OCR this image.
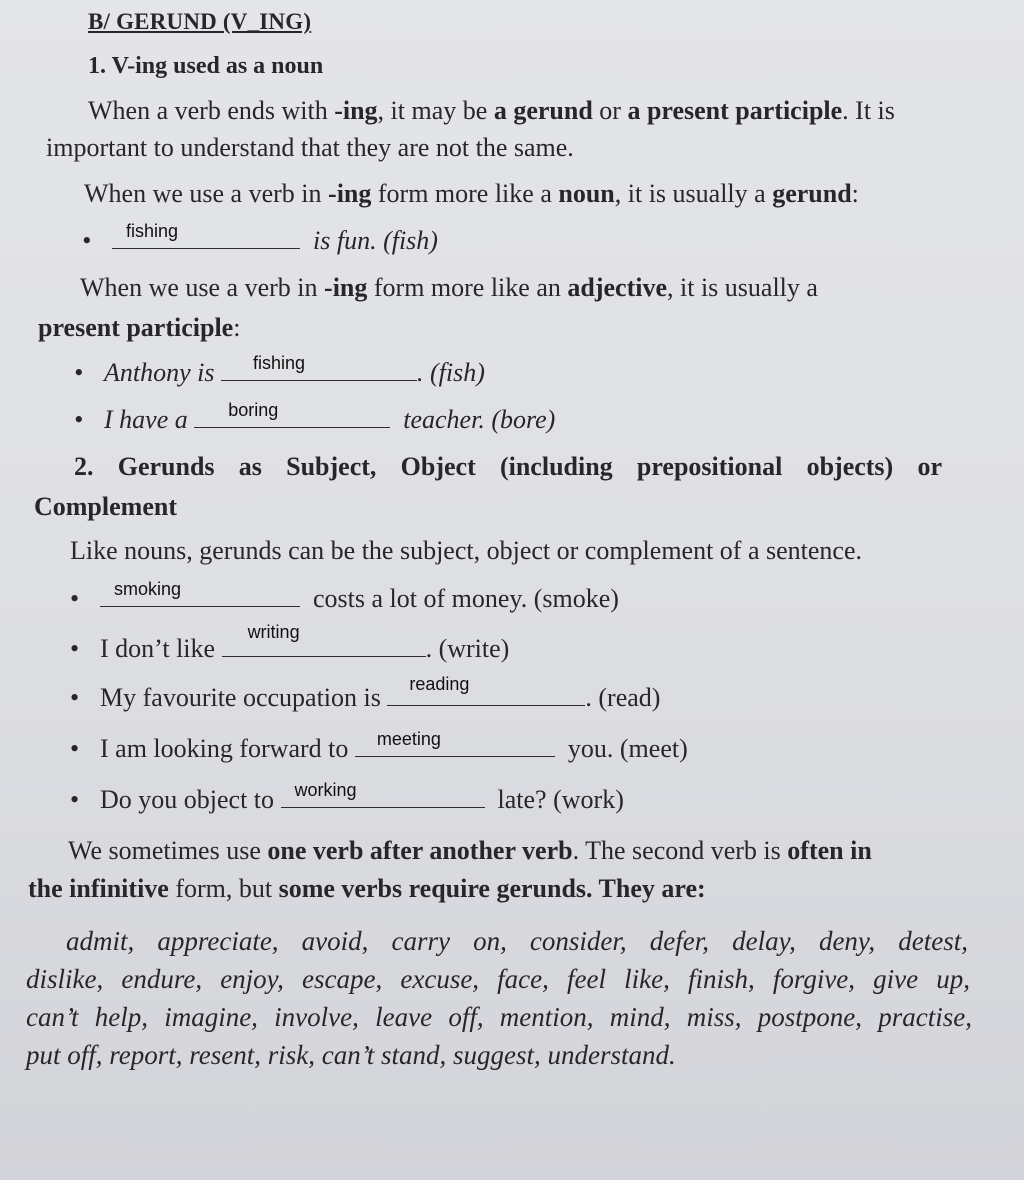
B/ GERUND (V_ING)
1. V-ing used as a noun
When a verb ends with -ing, it may be a gerund or a present participle. It is
important to understand that they are not the same.
When we use a verb in -ing form more like a noun, it is usually a gerund:
• fishing	is fun. (fish)
When we use a verb in -ing form more like an adjective, it is usually a
present participle:
• Anthony is fishing	. (fish)
• I have a boring	teacher. (bore)
2. Gerunds as Subject, Object (including prepositional objects) or
Complement
Like nouns, gerunds can be the subject, object or complement of a sentence.
• smoking	costs a lot of money. (smoke)
• I don’t like
writing
. (write)
• My favourite occupation is reading	. (read)
• I am looking forward to meeting	you. (meet)
• Do you object to working	late? (work)
We sometimes use one verb after another verb. The second verb is often in
the infinitive form, but some verbs require gerunds. They are:
admit, appreciate, avoid, carry on, consider, defer, delay, deny, detest,
dislike, endure, enjoy, escape, excuse, face, feel like, finish, forgive, give up,
can’t help, imagine, involve, leave off, mention, mind, miss, postpone, practise,
put off, report, resent, risk, can’t stand, suggest, understand.
